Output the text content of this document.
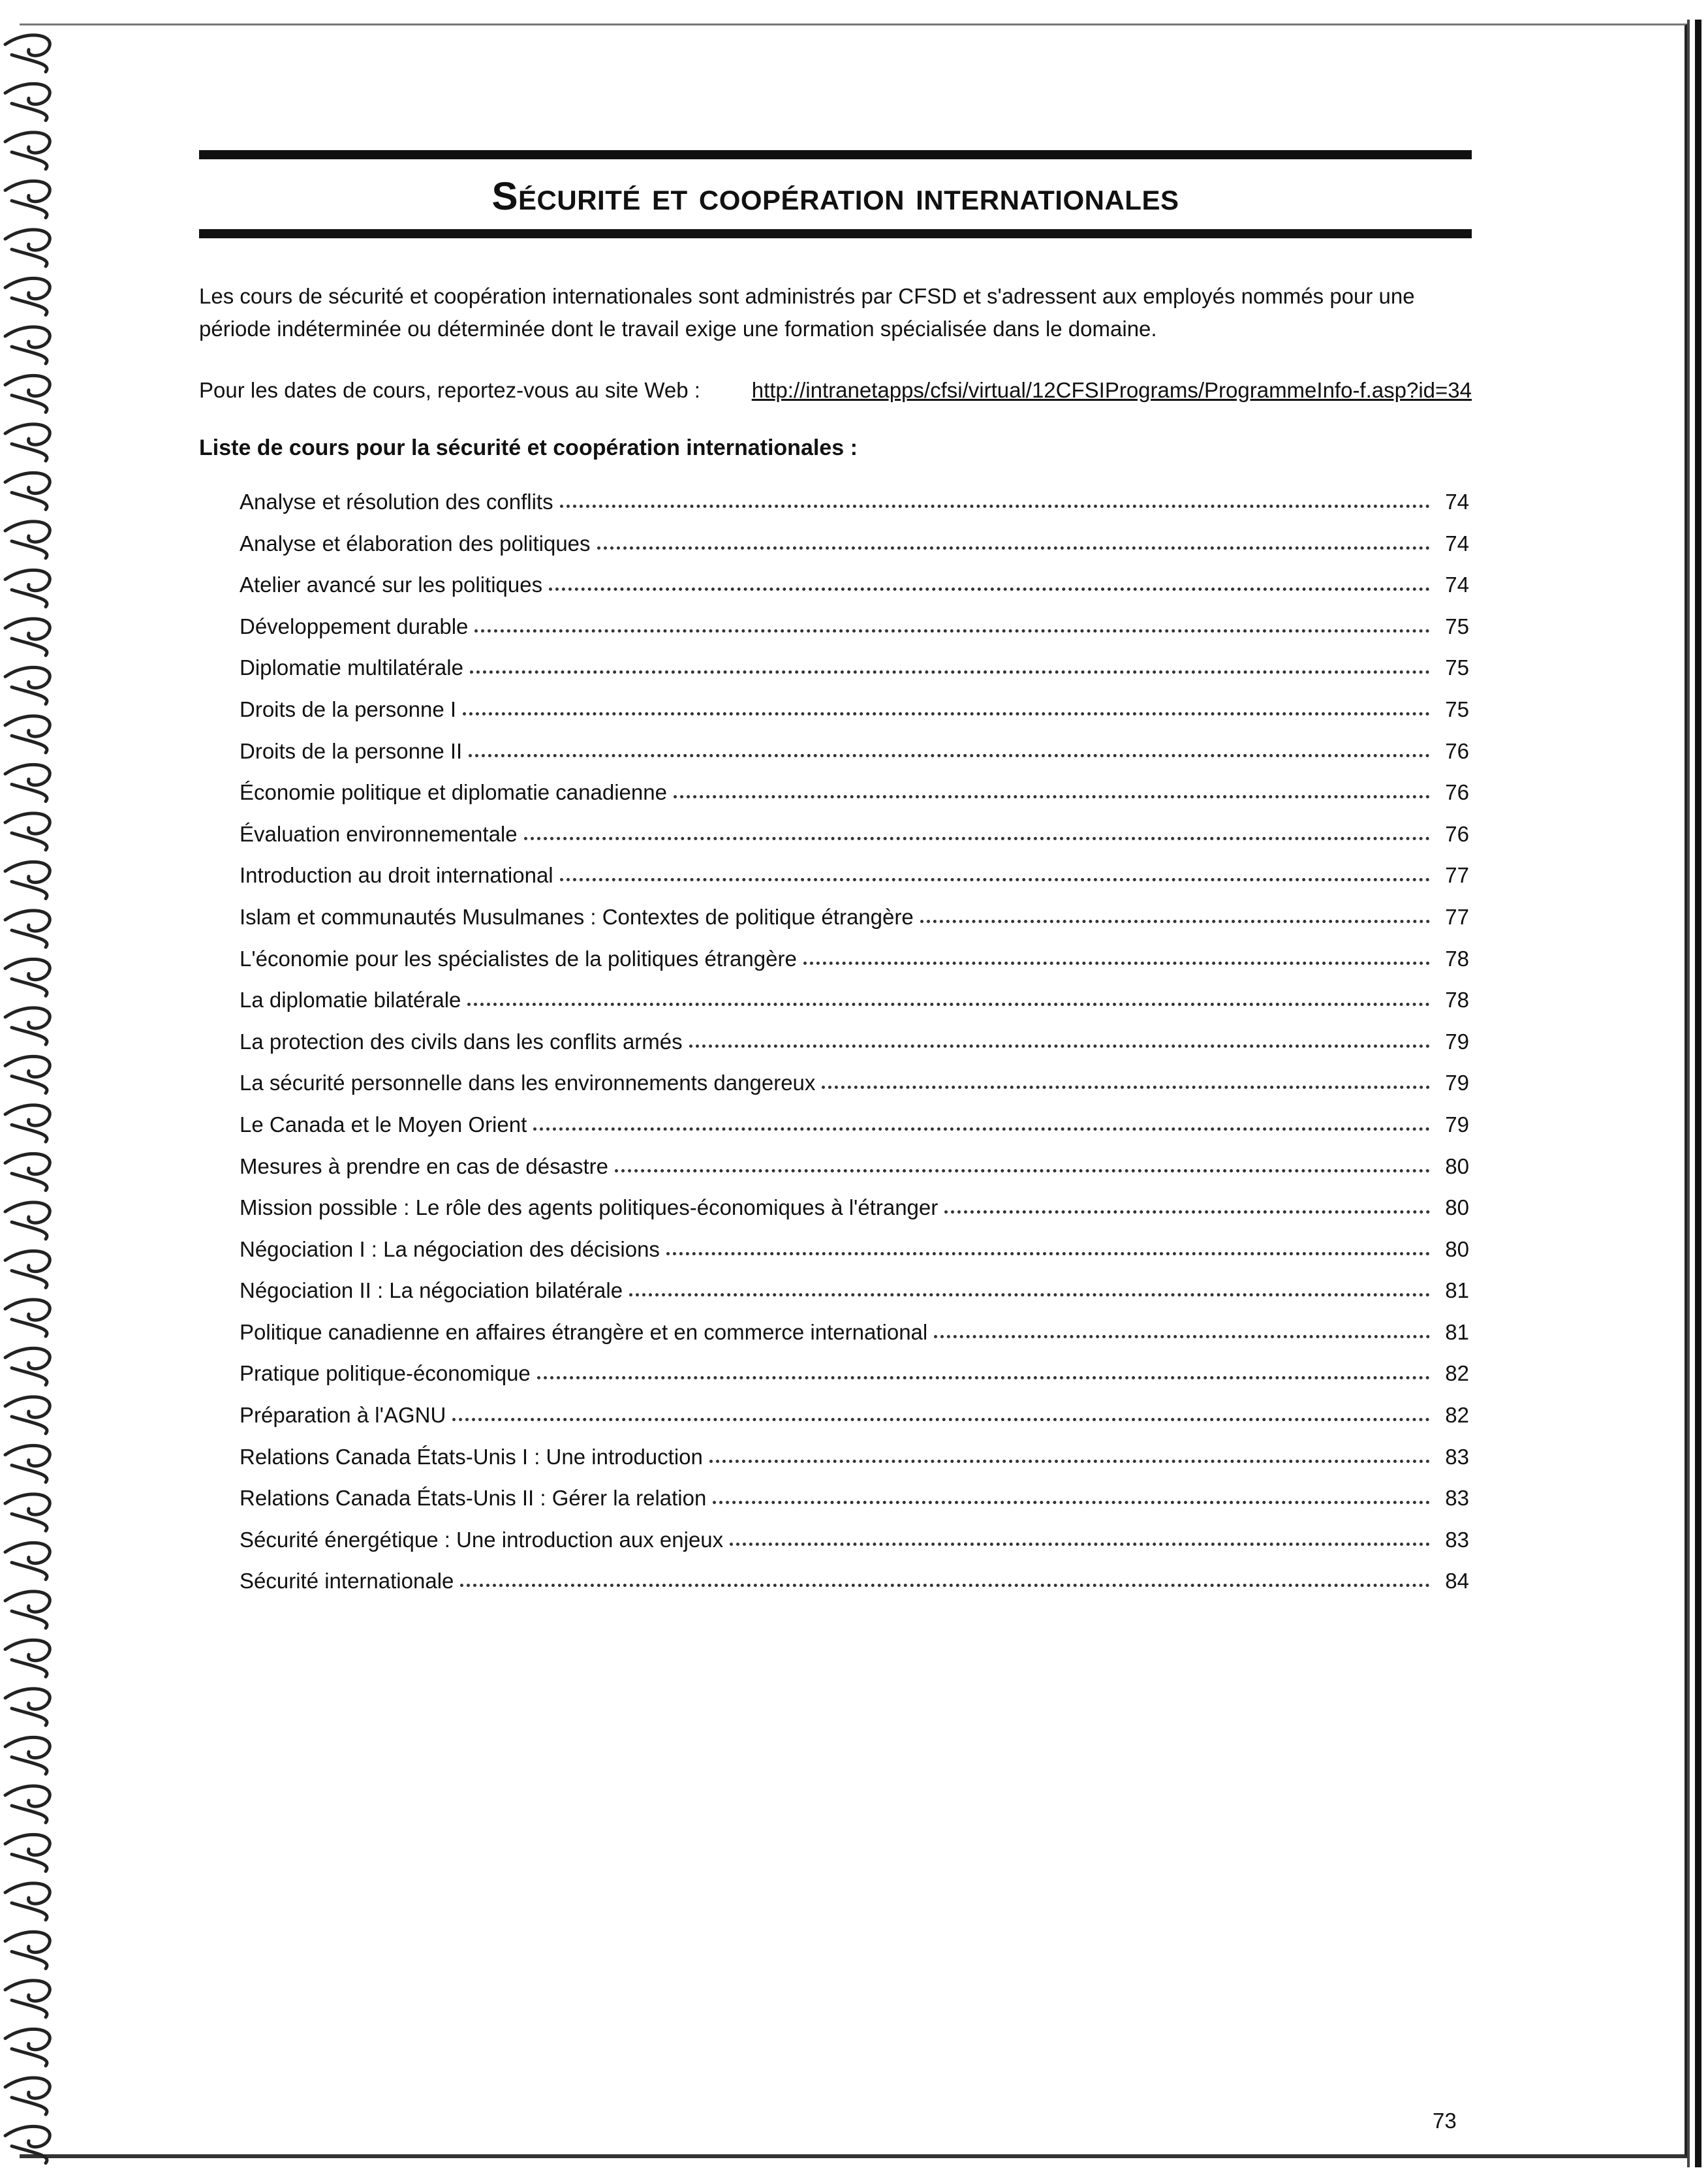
Sécurité et coopération internationales
Les cours de sécurité et coopération internationales sont administrés par CFSD et s'adressent aux employés nommés pour une période indéterminée ou déterminée dont le travail exige une formation spécialisée dans le domaine.
Pour les dates de cours, reportez-vous au site Web : http://intranetapps/cfsi/virtual/12CFSIPrograms/ProgrammeInfo-f.asp?id=34
Liste de cours pour la sécurité et coopération internationales :
Analyse et résolution des conflits	74
Analyse et élaboration des politiques	74
Atelier avancé sur les politiques	74
Développement durable	75
Diplomatie multilatérale	75
Droits de la personne I	75
Droits de la personne II	76
Économie politique et diplomatie canadienne	76
Évaluation environnementale	76
Introduction au droit international	77
Islam et communautés Musulmanes : Contextes de politique étrangère	77
L'économie pour les spécialistes de la politiques étrangère	78
La diplomatie bilatérale	78
La protection des civils dans les conflits armés	79
La sécurité personnelle dans les environnements dangereux	79
Le Canada et le Moyen Orient	79
Mesures à prendre en cas de désastre	80
Mission possible : Le rôle des agents politiques-économiques à l'étranger	80
Négociation I : La négociation des décisions	80
Négociation II : La négociation bilatérale	81
Politique canadienne en affaires étrangère et en commerce international	81
Pratique politique-économique	82
Préparation à l'AGNU	82
Relations Canada États-Unis I : Une introduction	83
Relations Canada États-Unis II : Gérer la relation	83
Sécurité énergétique : Une introduction aux enjeux	83
Sécurité internationale	84
73
